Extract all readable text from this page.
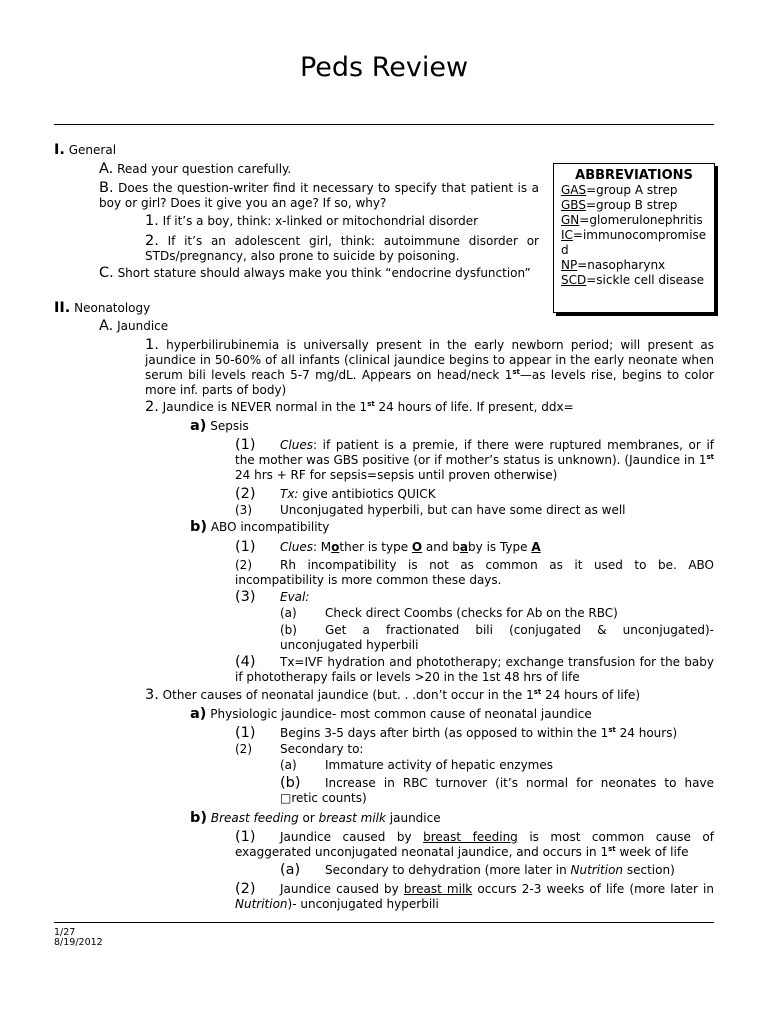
Peds Review
ABBREVIATIONS
GAS=group A strep
GBS=group B strep
GN=glomerulonephritis
IC=immunocompromised
NP=nasopharynx
SCD=sickle cell disease
I. General
A. Read your question carefully.
B. Does the question-writer find it necessary to specify that patient is a boy or girl? Does it give you an age? If so, why?
1. If it’s a boy, think: x-linked or mitochondrial disorder
2. If it’s an adolescent girl, think: autoimmune disorder or STDs/pregnancy, also prone to suicide by poisoning.
C. Short stature should always make you think “endocrine dysfunction”
II. Neonatology
A. Jaundice
1. hyperbilirubinemia is universally present in the early newborn period; will present as jaundice in 50-60% of all infants (clinical jaundice begins to appear in the early neonate when serum bili levels reach 5-7 mg/dL. Appears on head/neck 1st—as levels rise, begins to color more inf. parts of body)
2. Jaundice is NEVER normal in the 1st 24 hours of life. If present, ddx=
a) Sepsis
(1) Clues: if patient is a premie, if there were ruptured membranes, or if the mother was GBS positive (or if mother’s status is unknown). (Jaundice in 1st 24 hrs + RF for sepsis=sepsis until proven otherwise)
(2) Tx: give antibiotics QUICK
(3) Unconjugated hyperbili, but can have some direct as well
b) ABO incompatibility
(1) Clues: Mother is type O and baby is Type A
(2) Rh incompatibility is not as common as it used to be. ABO incompatibility is more common these days.
(3) Eval:
(a) Check direct Coombs (checks for Ab on the RBC)
(b) Get a fractionated bili (conjugated & unconjugated)- unconjugated hyperbili
(4) Tx=IVF hydration and phototherapy; exchange transfusion for the baby if phototherapy fails or levels >20 in the 1st 48 hrs of life
3. Other causes of neonatal jaundice (but. . .don’t occur in the 1st 24 hours of life)
a) Physiologic jaundice- most common cause of neonatal jaundice
(1) Begins 3-5 days after birth (as opposed to within the 1st 24 hours)
(2) Secondary to:
(a) Immature activity of hepatic enzymes
(b) Increase in RBC turnover (it’s normal for neonates to have □retic counts)
b) Breast feeding or breast milk jaundice
(1) Jaundice caused by breast feeding is most common cause of exaggerated unconjugated neonatal jaundice, and occurs in 1st week of life
(a) Secondary to dehydration (more later in Nutrition section)
(2) Jaundice caused by breast milk occurs 2-3 weeks of life (more later in Nutrition)- unconjugated hyperbili
1/27
8/19/2012
